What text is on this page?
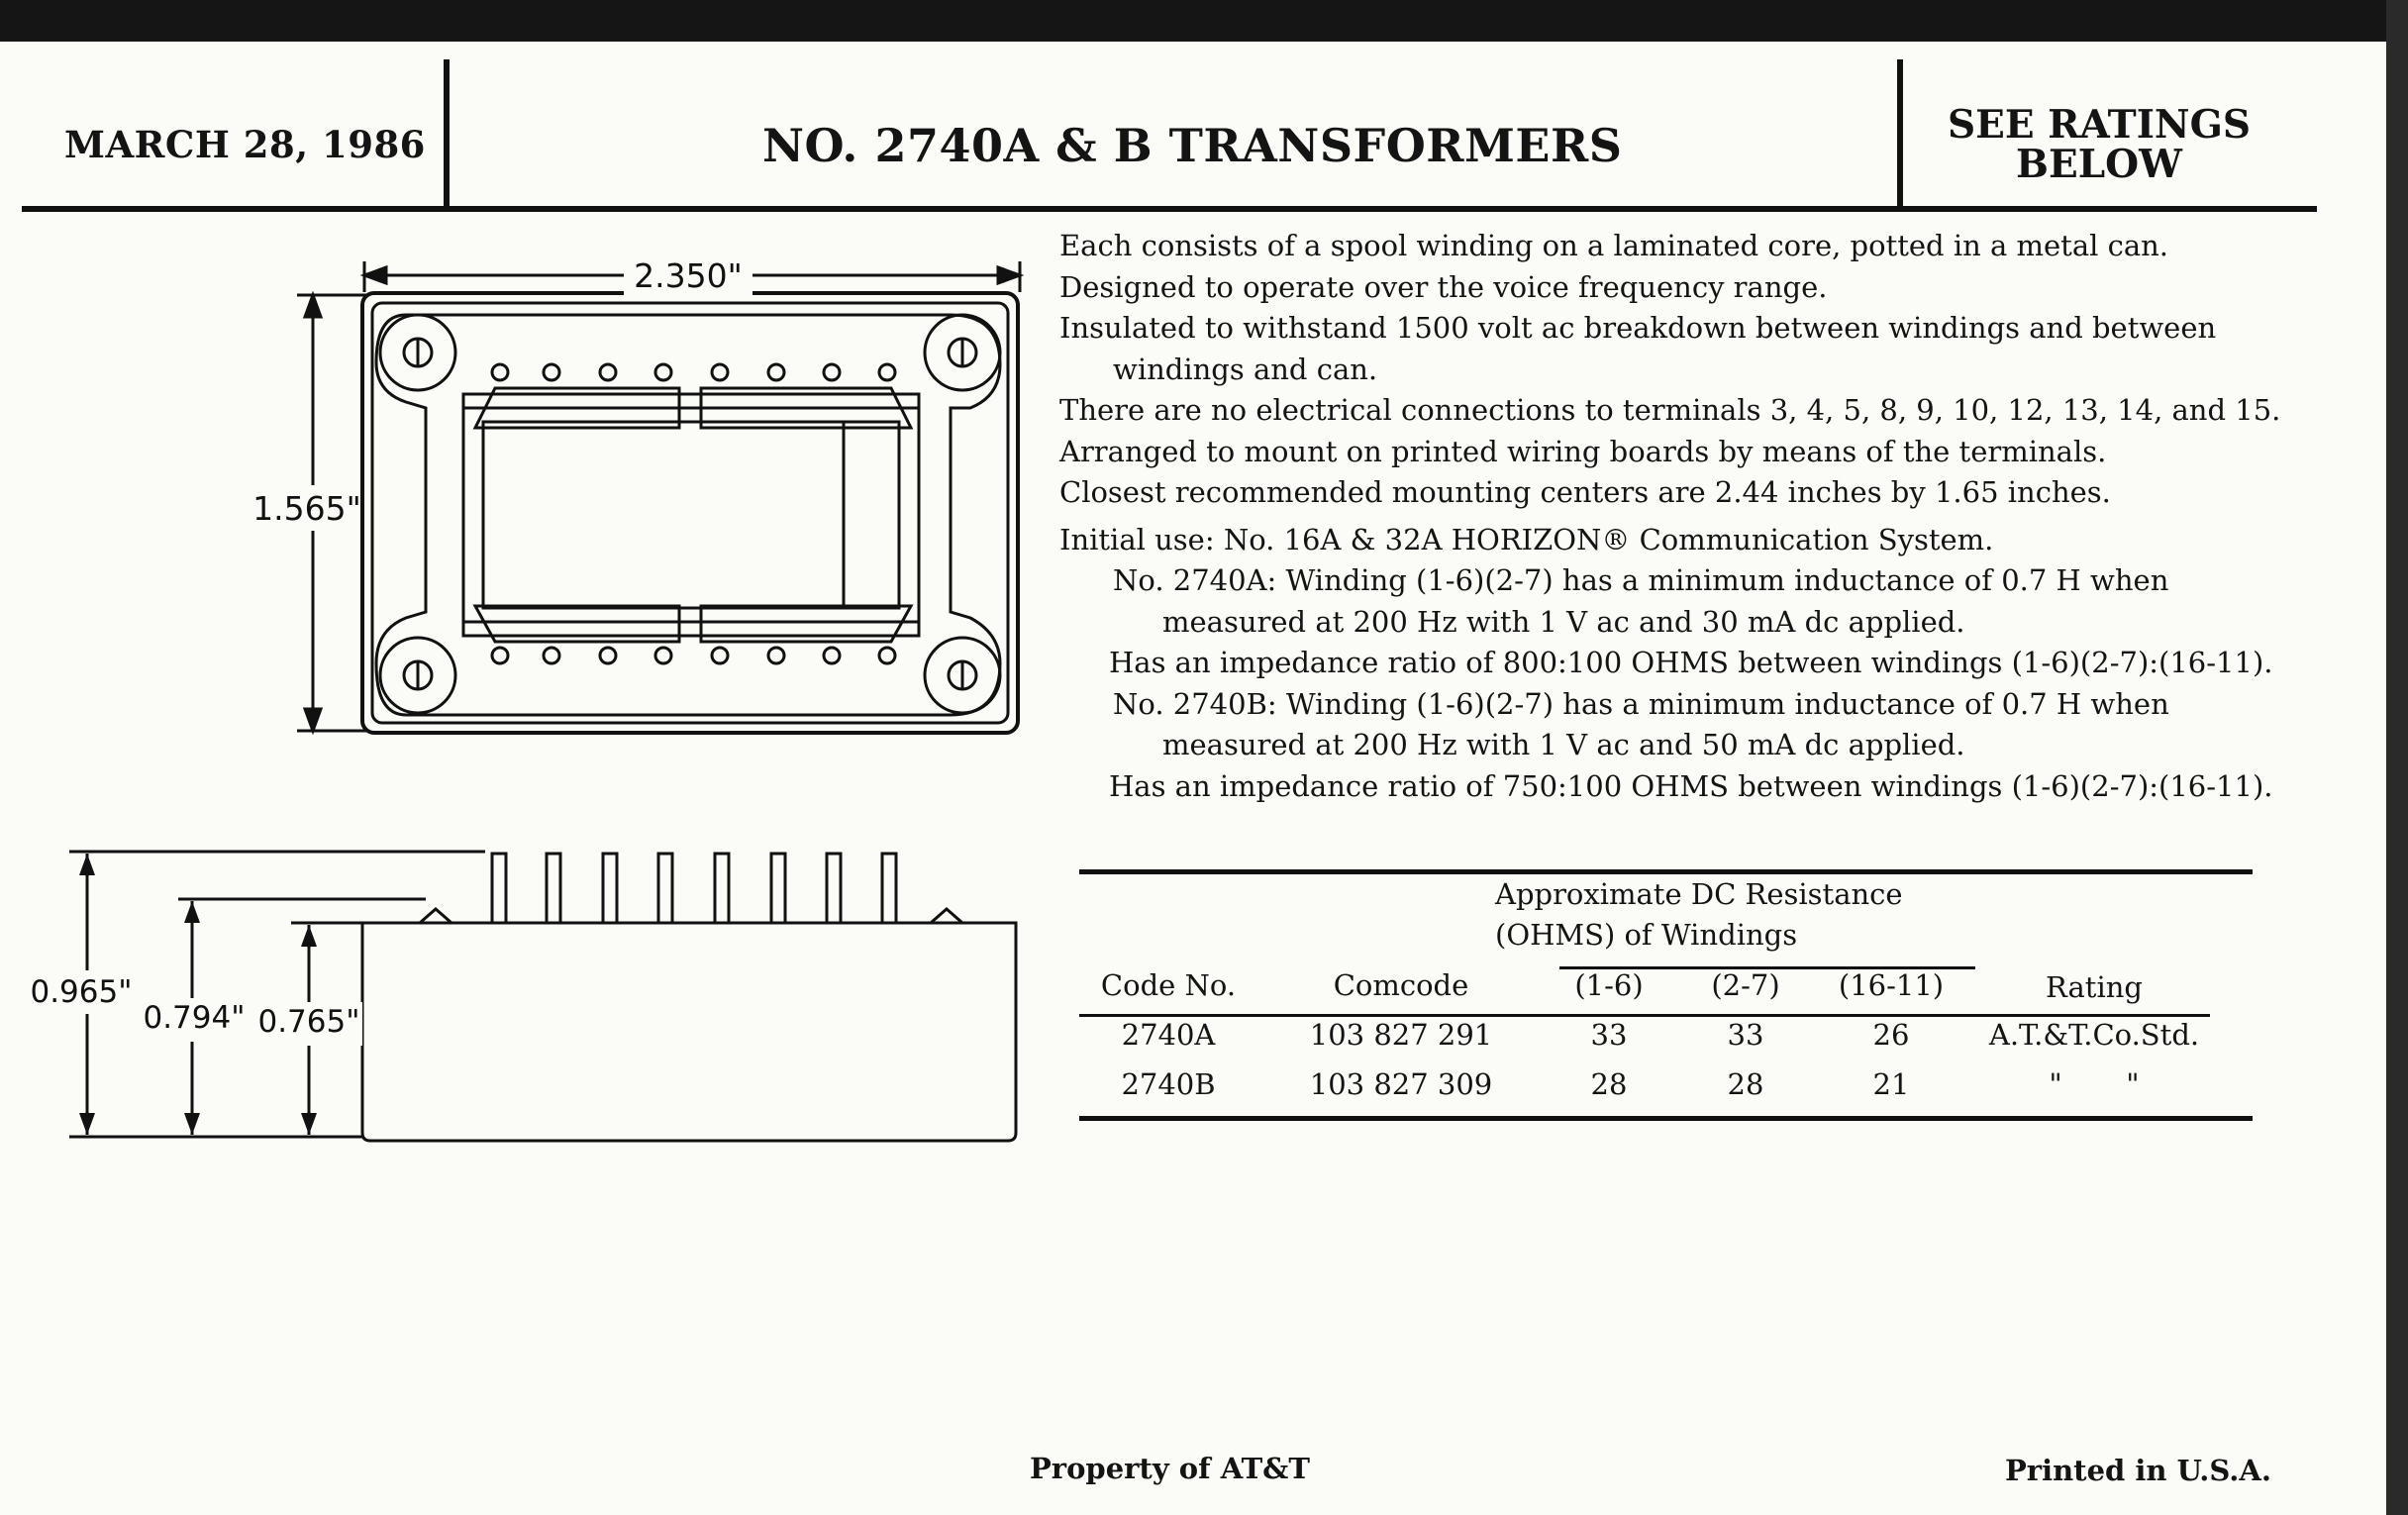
MARCH 28, 1986	NO. 2740A & B TRANSFORMERS	SEE RATINGS
BELOW
2.350"
1.565"
0.965"
0.794" 0.765"

Each consists of a spool winding on a laminated core, potted in a metal can.

Designed to operate over the voice frequency range.

Insulated to withstand 1500 volt ac breakdown between windings and between windings and can.

There are no electrical connections to terminals 3, 4, 5, 8, 9, 10, 12, 13, 14, and 15.

Arranged to mount on printed wiring boards by means of the terminals.

Closest recommended mounting centers are 2.44 inches by 1.65 inches.

Initial use: No. 16A & 32A HORIZON® Communication System.

No. 2740A: Winding (1-6)(2-7) has a minimum inductance of 0.7 H when measured at 200 Hz with 1 V ac and 30 mA dc applied.

Has an impedance ratio of 800:100 OHMS between windings (1-6)(2-7):(16-11).

No. 2740B: Winding (1-6)(2-7) has a minimum inductance of 0.7 H when measured at 200 Hz with 1 V ac and 50 mA dc applied.

Has an impedance ratio of 750:100 OHMS between windings (1-6)(2-7):(16-11).

Approximate DC Resistance
(OHMS) of Windings
Code No.	Comcode	(1-6)	(2-7)	(16-11)	Rating
2740A	103 827 291	33	33	26	A.T.&T.Co.Std.
2740B	103 827 309	28	28	21	"       "
Property of AT&T	Printed in U.S.A.
